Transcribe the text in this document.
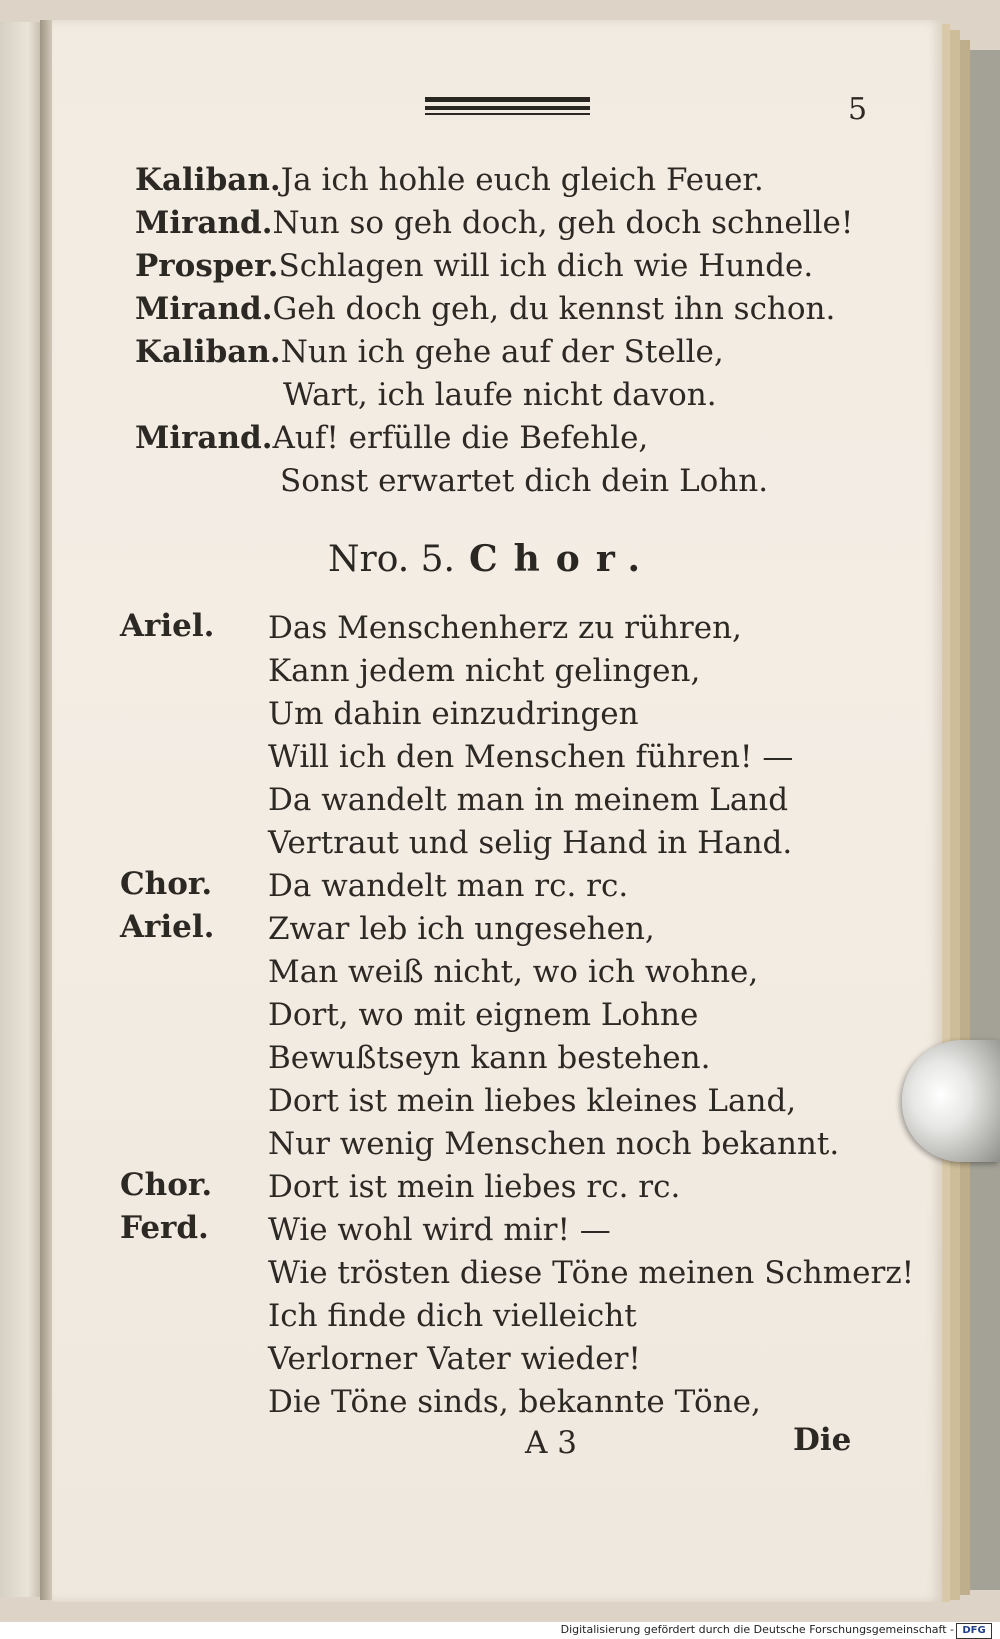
5
Kaliban.Ja ich hohle euch gleich Feuer.
Mirand.Nun so geh doch, geh doch schnelle!
Prosper.Schlagen will ich dich wie Hunde.
Mirand.Geh doch geh, du kennst ihn schon.
Kaliban.Nun ich gehe auf der Stelle,
Wart, ich laufe nicht davon.
Mirand.Auf! erfülle die Befehle,
Sonst erwartet dich dein Lohn.
Nro. 5. Chor.
Ariel.
Chor.
Ariel.
Chor.
Ferd.
Das Menschenherz zu rühren,
Kann jedem nicht gelingen,
Um dahin einzudringen
Will ich den Menschen führen! —
Da wandelt man in meinem Land
Vertraut und selig Hand in Hand.
Da wandelt man rc. rc.
Zwar leb ich ungesehen,
Man weiß nicht, wo ich wohne,
Dort, wo mit eignem Lohne
Bewußtseyn kann bestehen.
Dort ist mein liebes kleines Land,
Nur wenig Menschen noch bekannt.
Dort ist mein liebes rc. rc.
Wie wohl wird mir! —
Wie trösten diese Töne meinen Schmerz!
Ich finde dich vielleicht
Verlorner Vater wieder!
Die Töne sinds, bekannte Töne,
A 3	Die
Digitalisierung gefördert durch die Deutsche Forschungsgemeinschaft - DFG
